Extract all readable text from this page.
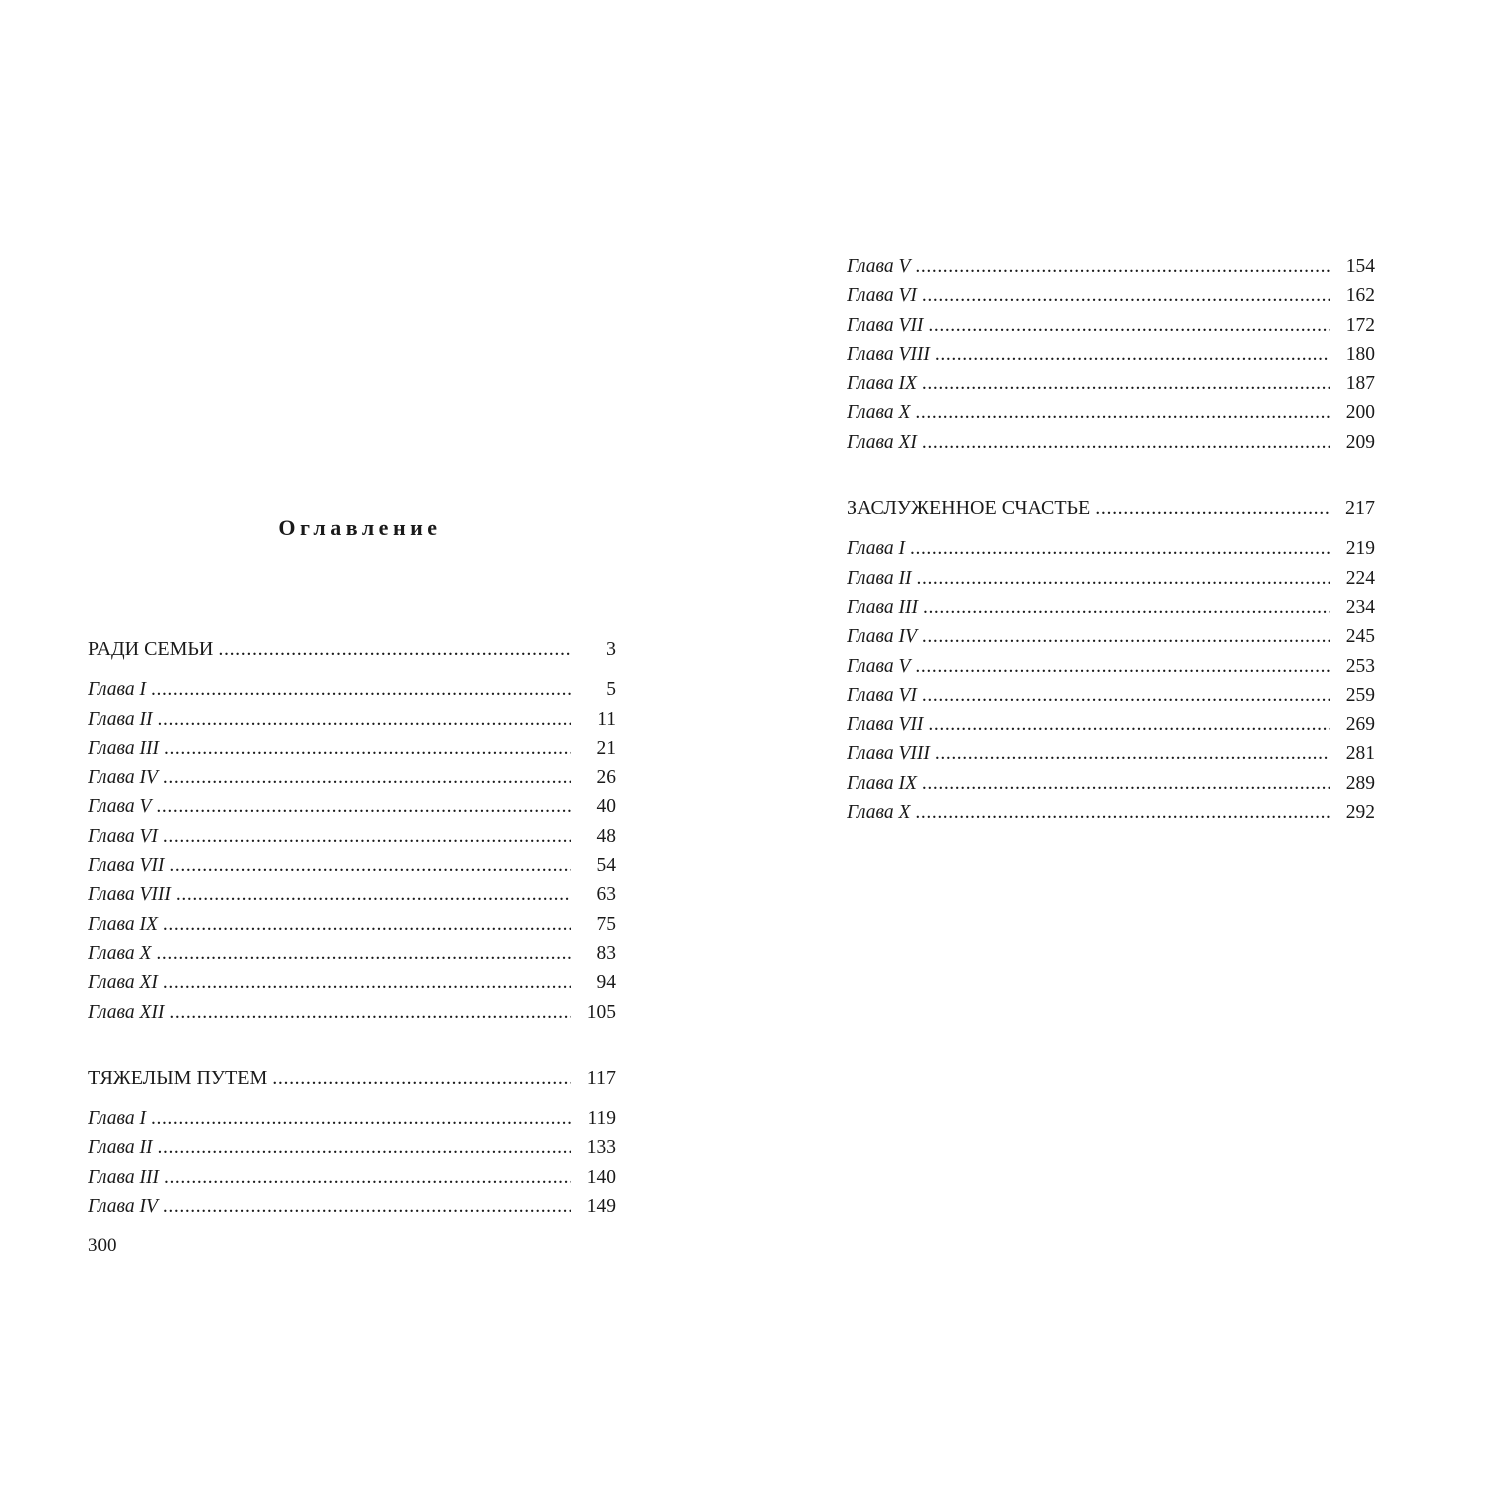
Оглавление
РАДИ СЕМЬИ .....	3
Глава I .....	5
Глава II .....	11
Глава III .....	21
Глава IV .....	26
Глава V .....	40
Глава VI .....	48
Глава VII .....	54
Глава VIII .....	63
Глава IX .....	75
Глава X .....	83
Глава XI .....	94
Глава XII .....	105
ТЯЖЕЛЫМ ПУТЕМ .....	117
Глава I .....	119
Глава II .....	133
Глава III .....	140
Глава IV .....	149
Глава V .....	154
Глава VI .....	162
Глава VII .....	172
Глава VIII .....	180
Глава IX .....	187
Глава X .....	200
Глава XI .....	209
ЗАСЛУЖЕННОЕ СЧАСТЬЕ .....	217
Глава I .....	219
Глава II .....	224
Глава III .....	234
Глава IV .....	245
Глава V .....	253
Глава VI .....	259
Глава VII .....	269
Глава VIII .....	281
Глава IX .....	289
Глава X .....	292
300
